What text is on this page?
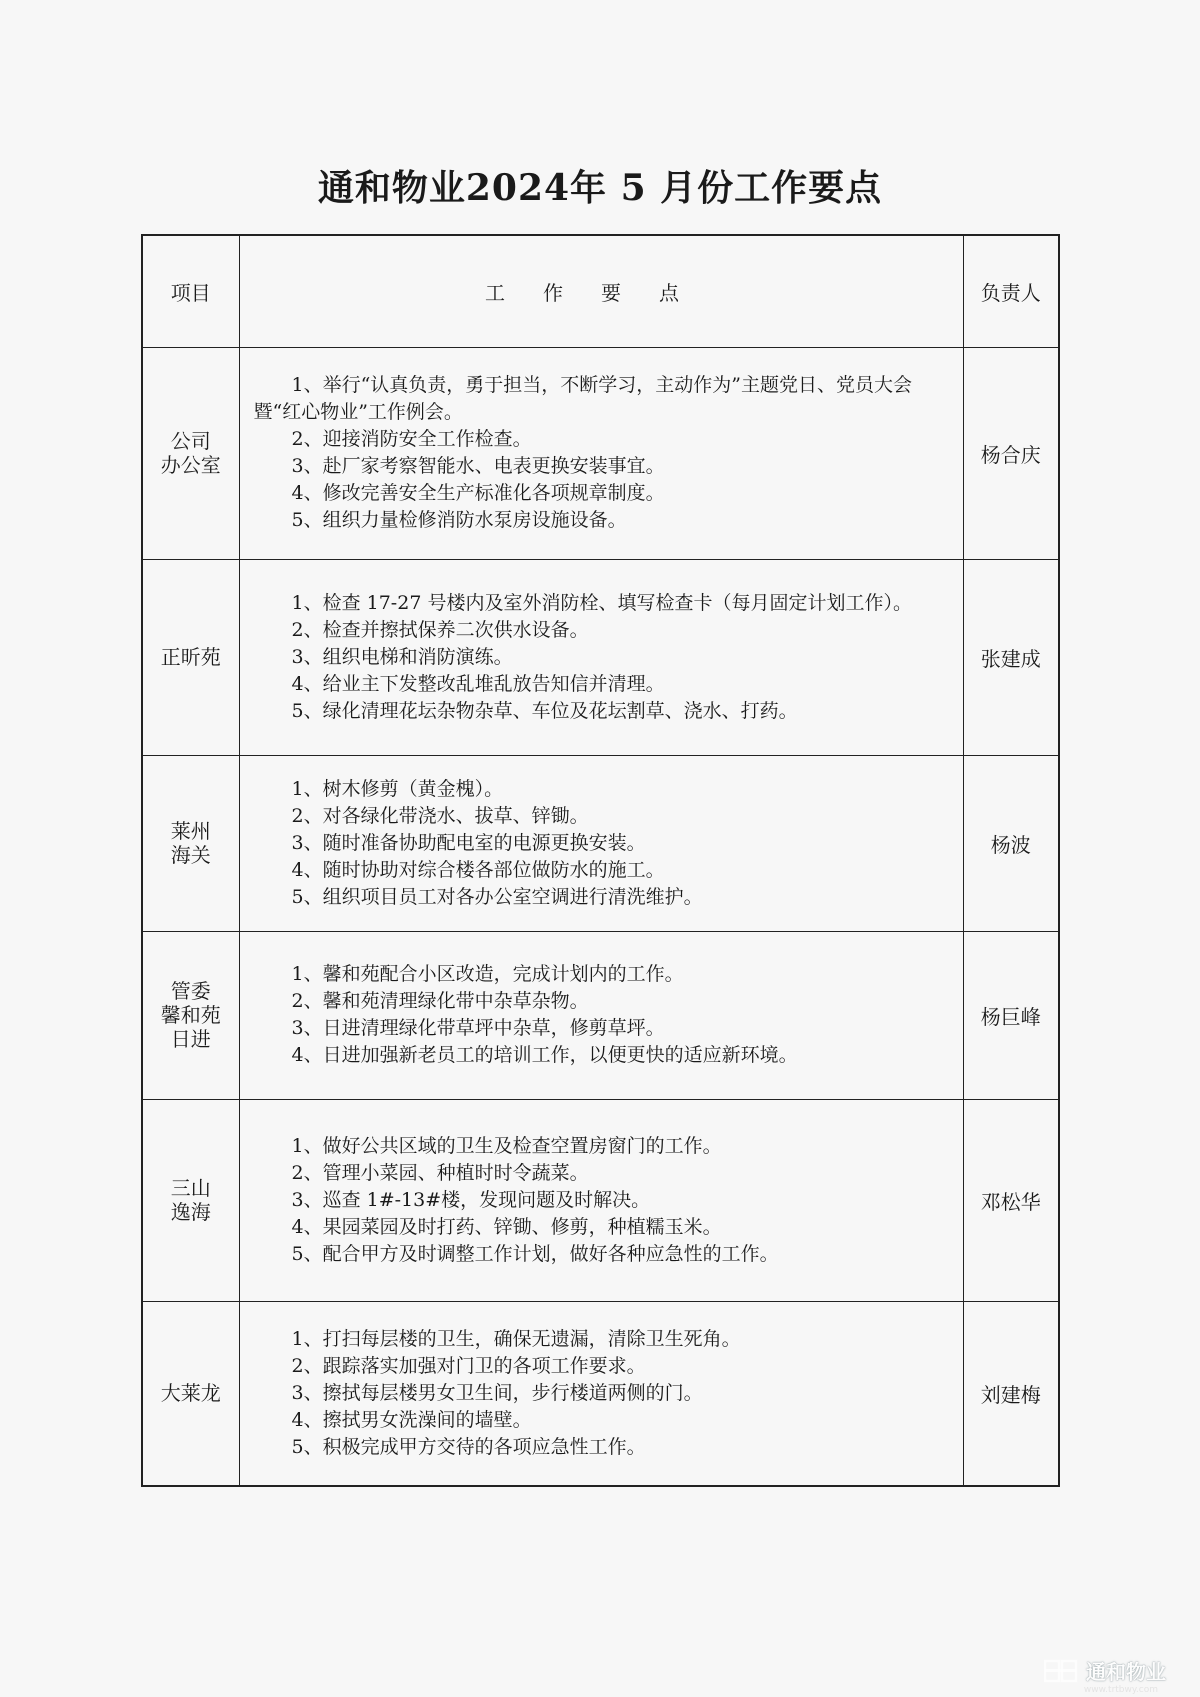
通和物业2024年 5 月份工作要点
项目	工作要点	负责人

公司
办公室	1、举行“认真负责，勇于担当，不断学习，主动作为”主题党日、党员大会暨“红心物业”工作例会。
2、迎接消防安全工作检查。
3、赴厂家考察智能水、电表更换安装事宜。
4、修改完善安全生产标准化各项规章制度。
5、组织力量检修消防水泵房设施设备。	杨合庆

正昕苑	1、检查 17-27 号楼内及室外消防栓、填写检查卡（每月固定计划工作）。
2、检查并擦拭保养二次供水设备。
3、组织电梯和消防演练。
4、给业主下发整改乱堆乱放告知信并清理。
5、绿化清理花坛杂物杂草、车位及花坛割草、浇水、打药。	张建成

莱州
海关	1、树木修剪（黄金槐）。
2、对各绿化带浇水、拔草、锌锄。
3、随时准备协助配电室的电源更换安装。
4、随时协助对综合楼各部位做防水的施工。
5、组织项目员工对各办公室空调进行清洗维护。	杨波

管委
馨和苑
日进	1、馨和苑配合小区改造，完成计划内的工作。
2、馨和苑清理绿化带中杂草杂物。
3、日进清理绿化带草坪中杂草，修剪草坪。
4、日进加强新老员工的培训工作，以便更快的适应新环境。	杨巨峰

三山
逸海	1、做好公共区域的卫生及检查空置房窗门的工作。
2、管理小菜园、种植时时令蔬菜。
3、巡查 1#-13#楼，发现问题及时解决。
4、果园菜园及时打药、锌锄、修剪，种植糯玉米。
5、配合甲方及时调整工作计划，做好各种应急性的工作。	邓松华

大莱龙	1、打扫每层楼的卫生，确保无遗漏，清除卫生死角。
2、跟踪落实加强对门卫的各项工作要求。
3、擦拭每层楼男女卫生间，步行楼道两侧的门。
4、擦拭男女洗澡间的墙壁。
5、积极完成甲方交待的各项应急性工作。	刘建梅
通和物业
www.trtbwy.com
